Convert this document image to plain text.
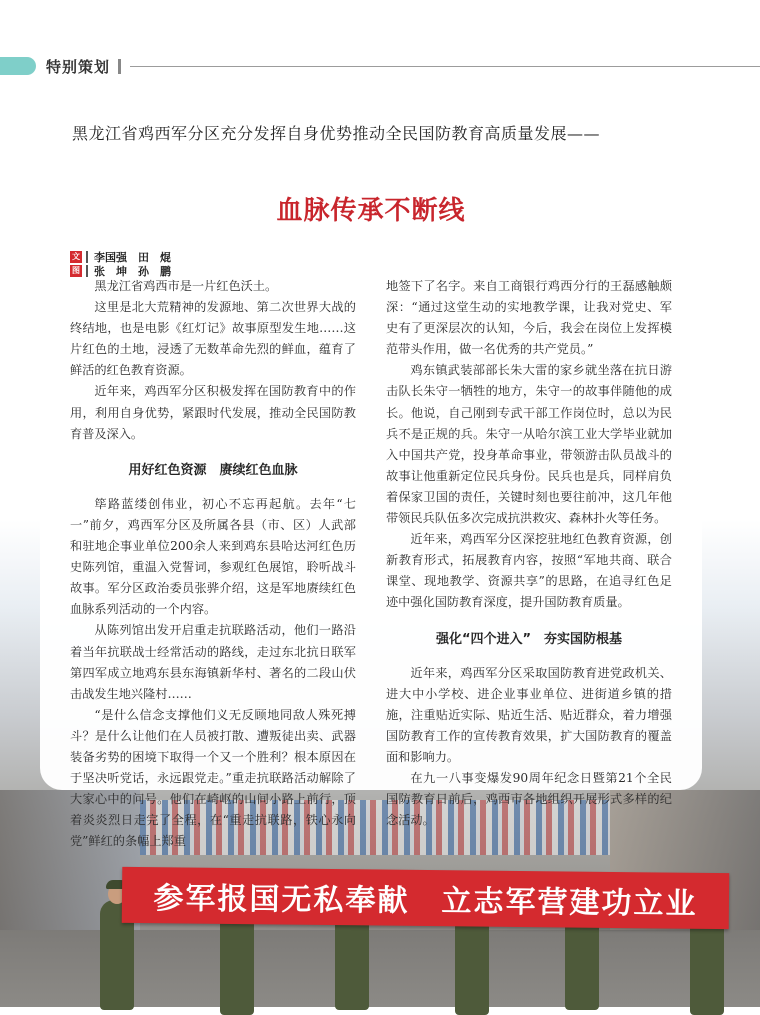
特别策划
参军报国无私奉献　立志军营建功立业
黑龙江省鸡西军分区充分发挥自身优势推动全民国防教育高质量发展——
血脉传承不断线
文 李国强　田　焜
图 张　坤　孙　鹏

黑龙江省鸡西市是一片红色沃土。

这里是北大荒精神的发源地、第二次世界大战的终结地，也是电影《红灯记》故事原型发生地……这片红色的土地，浸透了无数革命先烈的鲜血，蕴育了鲜活的红色教育资源。

近年来，鸡西军分区积极发挥在国防教育中的作用，利用自身优势，紧跟时代发展，推动全民国防教育普及深入。

用好红色资源　赓续红色血脉

筚路蓝缕创伟业，初心不忘再起航。去年“七一”前夕，鸡西军分区及所属各县（市、区）人武部和驻地企事业单位200余人来到鸡东县哈达河红色历史陈列馆，重温入党誓词，参观红色展馆，聆听战斗故事。军分区政治委员张骅介绍，这是军地赓续红色血脉系列活动的一个内容。

从陈列馆出发开启重走抗联路活动，他们一路沿着当年抗联战士经常活动的路线，走过东北抗日联军第四军成立地鸡东县东海镇新华村、著名的二段山伏击战发生地兴隆村……

“是什么信念支撑他们义无反顾地同敌人殊死搏斗？是什么让他们在人员被打散、遭叛徒出卖、武器装备劣势的困境下取得一个又一个胜利？根本原因在于坚决听党话，永远跟党走。”重走抗联路活动解除了大家心中的问号。他们在崎岖的山间小路上前行，顶着炎炎烈日走完了全程，在“重走抗联路，铁心永向党”鲜红的条幅上郑重

地签下了名字。来自工商银行鸡西分行的王磊感触颇深：“通过这堂生动的实地教学课，让我对党史、军史有了更深层次的认知，今后，我会在岗位上发挥模范带头作用，做一名优秀的共产党员。”

鸡东镇武装部部长朱大雷的家乡就坐落在抗日游击队长朱守一牺牲的地方，朱守一的故事伴随他的成长。他说，自己刚到专武干部工作岗位时，总以为民兵不是正规的兵。朱守一从哈尔滨工业大学毕业就加入中国共产党，投身革命事业，带领游击队员战斗的故事让他重新定位民兵身份。民兵也是兵，同样肩负着保家卫国的责任，关键时刻也要往前冲，这几年他带领民兵队伍多次完成抗洪救灾、森林扑火等任务。

近年来，鸡西军分区深挖驻地红色教育资源，创新教育形式，拓展教育内容，按照“军地共商、联合课堂、现地教学、资源共享”的思路，在追寻红色足迹中强化国防教育深度，提升国防教育质量。

强化“四个进入”　夯实国防根基

近年来，鸡西军分区采取国防教育进党政机关、进大中小学校、进企业事业单位、进街道乡镇的措施，注重贴近实际、贴近生活、贴近群众，着力增强国防教育工作的宣传教育效果，扩大国防教育的覆盖面和影响力。

在九一八事变爆发90周年纪念日暨第21个全民国防教育日前后，鸡西市各地组织开展形式多样的纪念活动。
